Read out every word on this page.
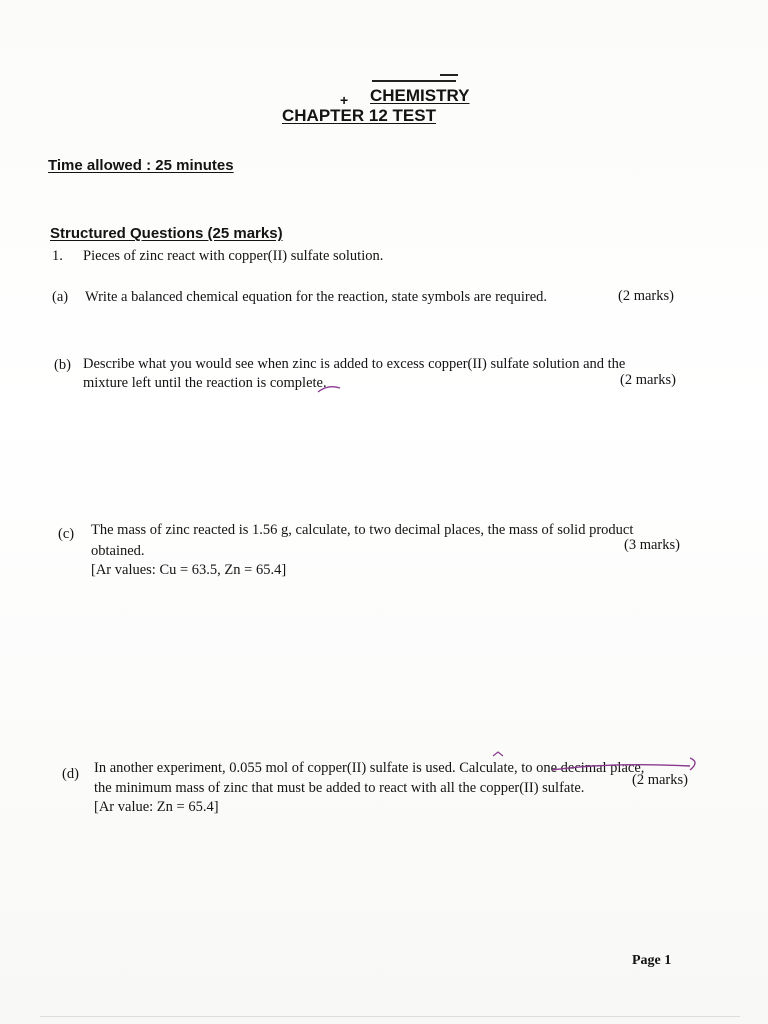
+ CHEMISTRY
CHAPTER 12 TEST
Time allowed : 25 minutes
Structured Questions (25 marks)
1. Pieces of zinc react with copper(II) sulfate solution.
(a) Write a balanced chemical equation for the reaction, state symbols are required.	(2 marks)
(b) Describe what you would see when zinc is added to excess copper(II) sulfate solution and the
mixture left until the reaction is complete.	(2 marks)
(c) The mass of zinc reacted is 1.56 g, calculate, to two decimal places, the mass of solid product
obtained.
[Ar values: Cu = 63.5, Zn = 65.4]
(3 marks)
(d) In another experiment, 0.055 mol of copper(II) sulfate is used. Calculate, to one decimal place,
the minimum mass of zinc that must be added to react with all the copper(II) sulfate.
[Ar value: Zn = 65.4]
(2 marks)
Page 1
